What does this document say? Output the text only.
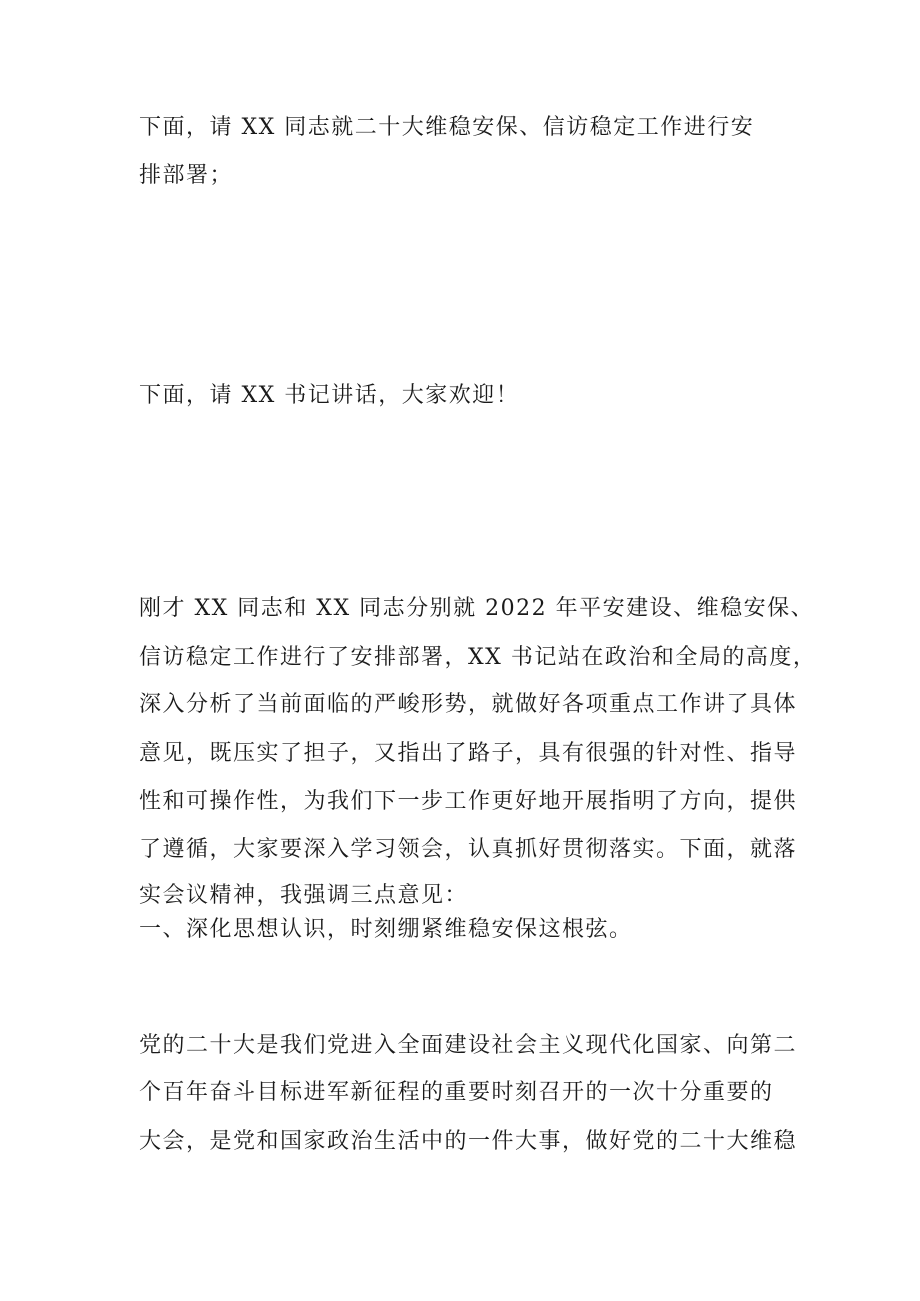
下面，请 XX 同志就二十大维稳安保、信访稳定工作进行安
排部署；
下面，请 XX 书记讲话，大家欢迎！
刚才 XX 同志和 XX 同志分别就 2022 年平安建设、维稳安保、
信访稳定工作进行了安排部署，XX 书记站在政治和全局的高度，
深入分析了当前面临的严峻形势，就做好各项重点工作讲了具体
意见，既压实了担子，又指出了路子，具有很强的针对性、指导
性和可操作性，为我们下一步工作更好地开展指明了方向，提供
了遵循，大家要深入学习领会，认真抓好贯彻落实。下面，就落
实会议精神，我强调三点意见：
一、深化思想认识，时刻绷紧维稳安保这根弦。
党的二十大是我们党进入全面建设社会主义现代化国家、向第二
个百年奋斗目标进军新征程的重要时刻召开的一次十分重要的
大会，是党和国家政治生活中的一件大事，做好党的二十大维稳
